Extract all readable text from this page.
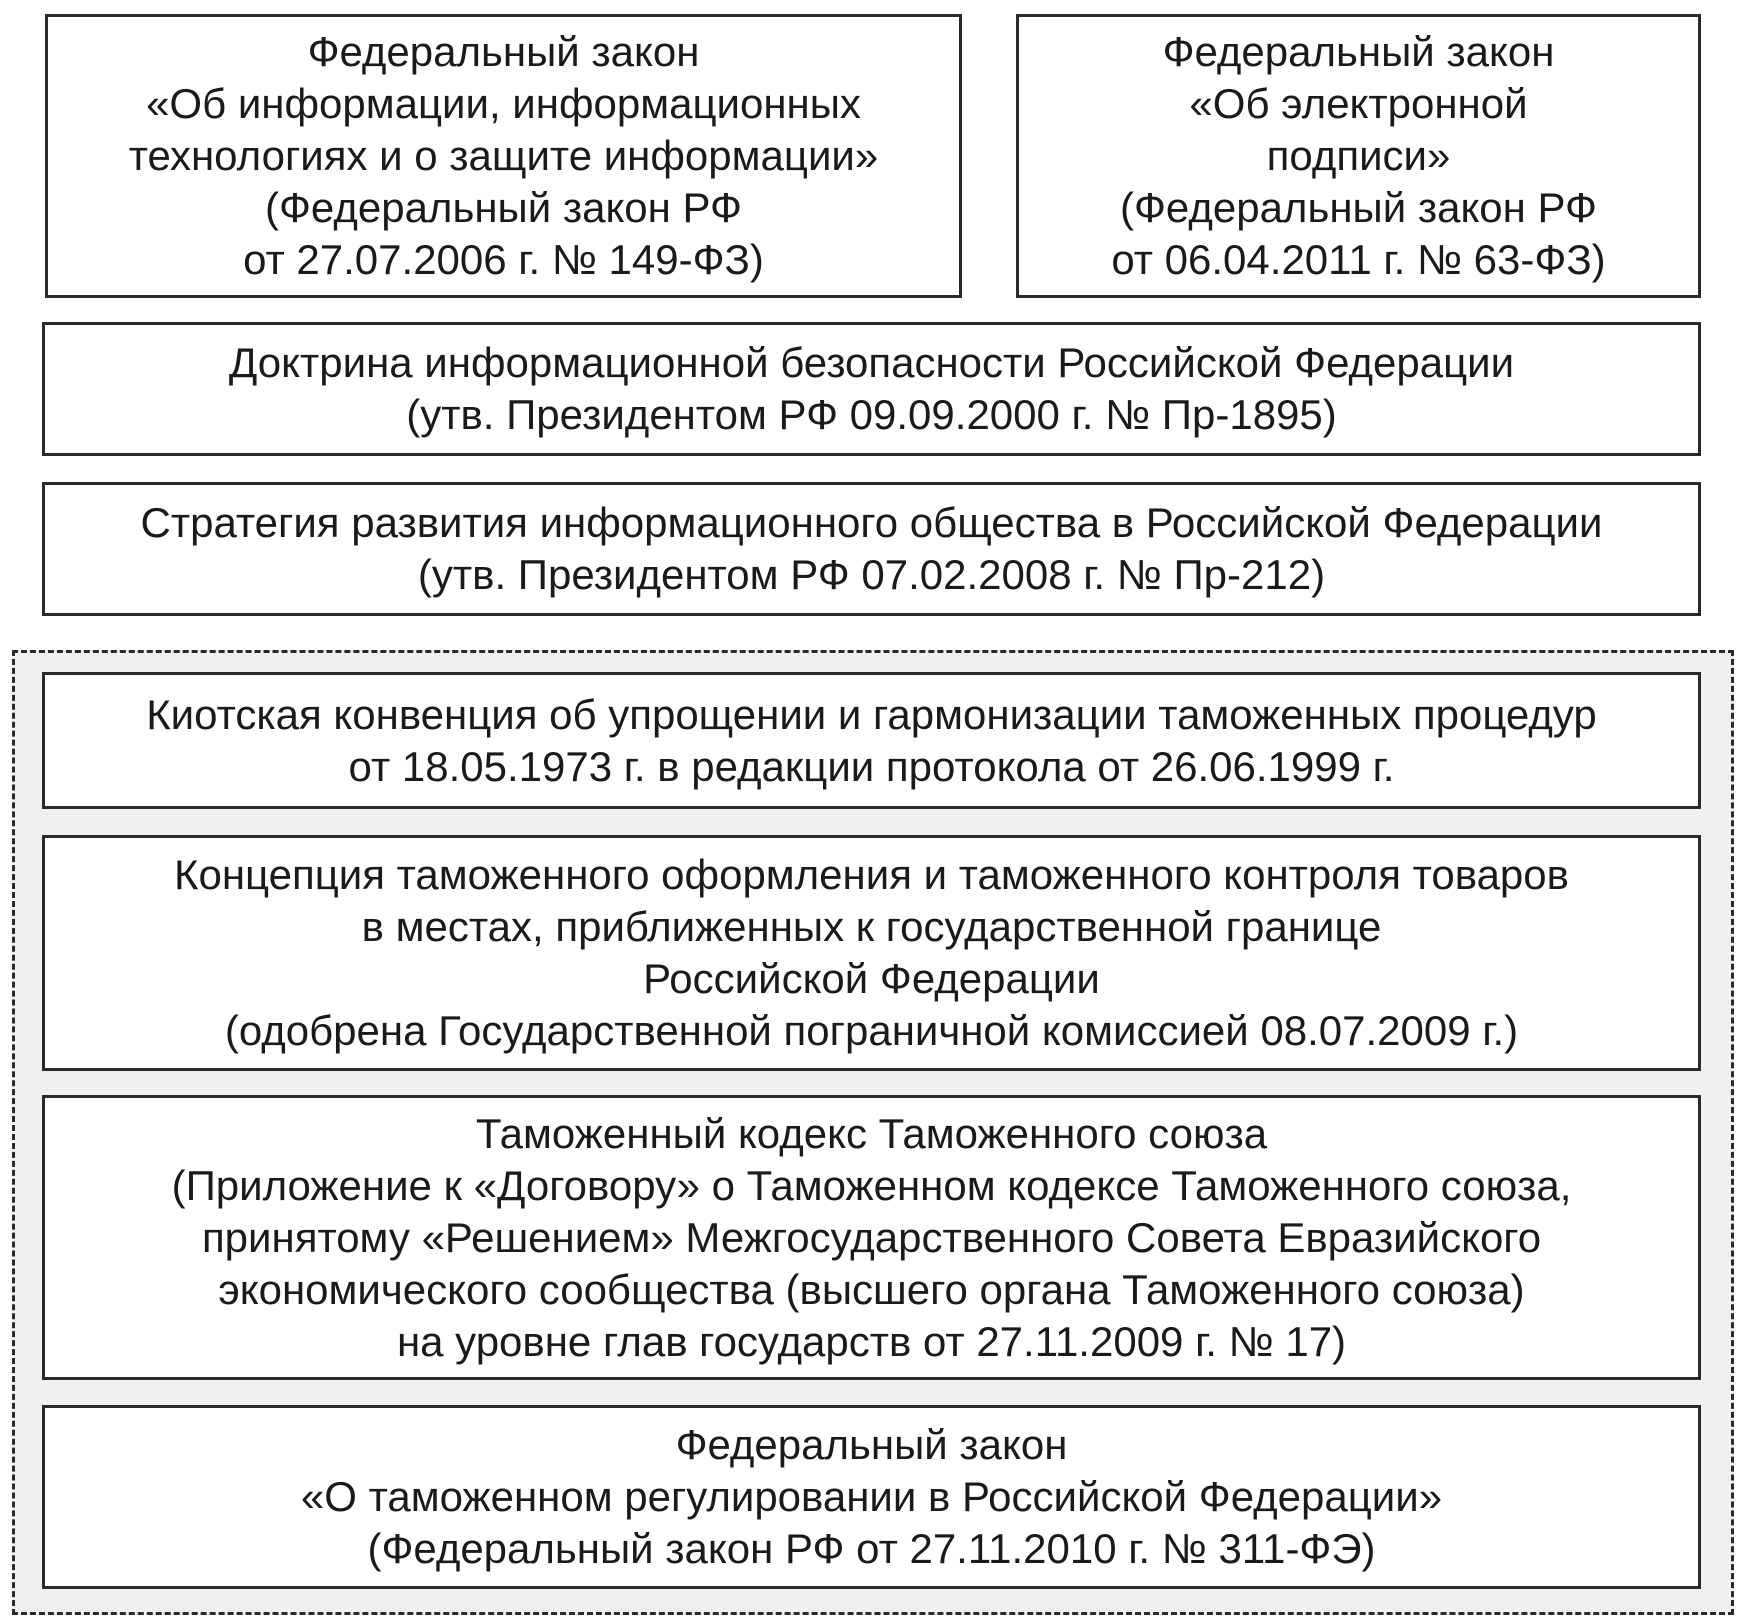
Федеральный закон
«Об информации, информационных
технологиях и о защите информации»
(Федеральный закон РФ
от 27.07.2006 г. № 149-ФЗ)
Федеральный закон
«Об электронной
подписи»
(Федеральный закон РФ
от 06.04.2011 г. № 63-ФЗ)
Доктрина информационной безопасности Российской Федерации
(утв. Президентом РФ 09.09.2000 г. № Пр-1895)
Стратегия развития информационного общества в Российской Федерации
(утв. Президентом РФ 07.02.2008 г. № Пр-212)
Киотская конвенция об упрощении и гармонизации таможенных процедур
от 18.05.1973 г. в редакции протокола от 26.06.1999 г.
Концепция таможенного оформления и таможенного контроля товаров
в местах, приближенных к государственной границе
Российской Федерации
(одобрена Государственной пограничной комиссией 08.07.2009 г.)
Таможенный кодекс Таможенного союза
(Приложение к «Договору» о Таможенном кодексе Таможенного союза,
принятому «Решением» Межгосударственного Совета Евразийского
экономического сообщества (высшего органа Таможенного союза)
на уровне глав государств от 27.11.2009 г. № 17)
Федеральный закон
«О таможенном регулировании в Российской Федерации»
(Федеральный закон РФ от 27.11.2010 г. № 311-ФЭ)
